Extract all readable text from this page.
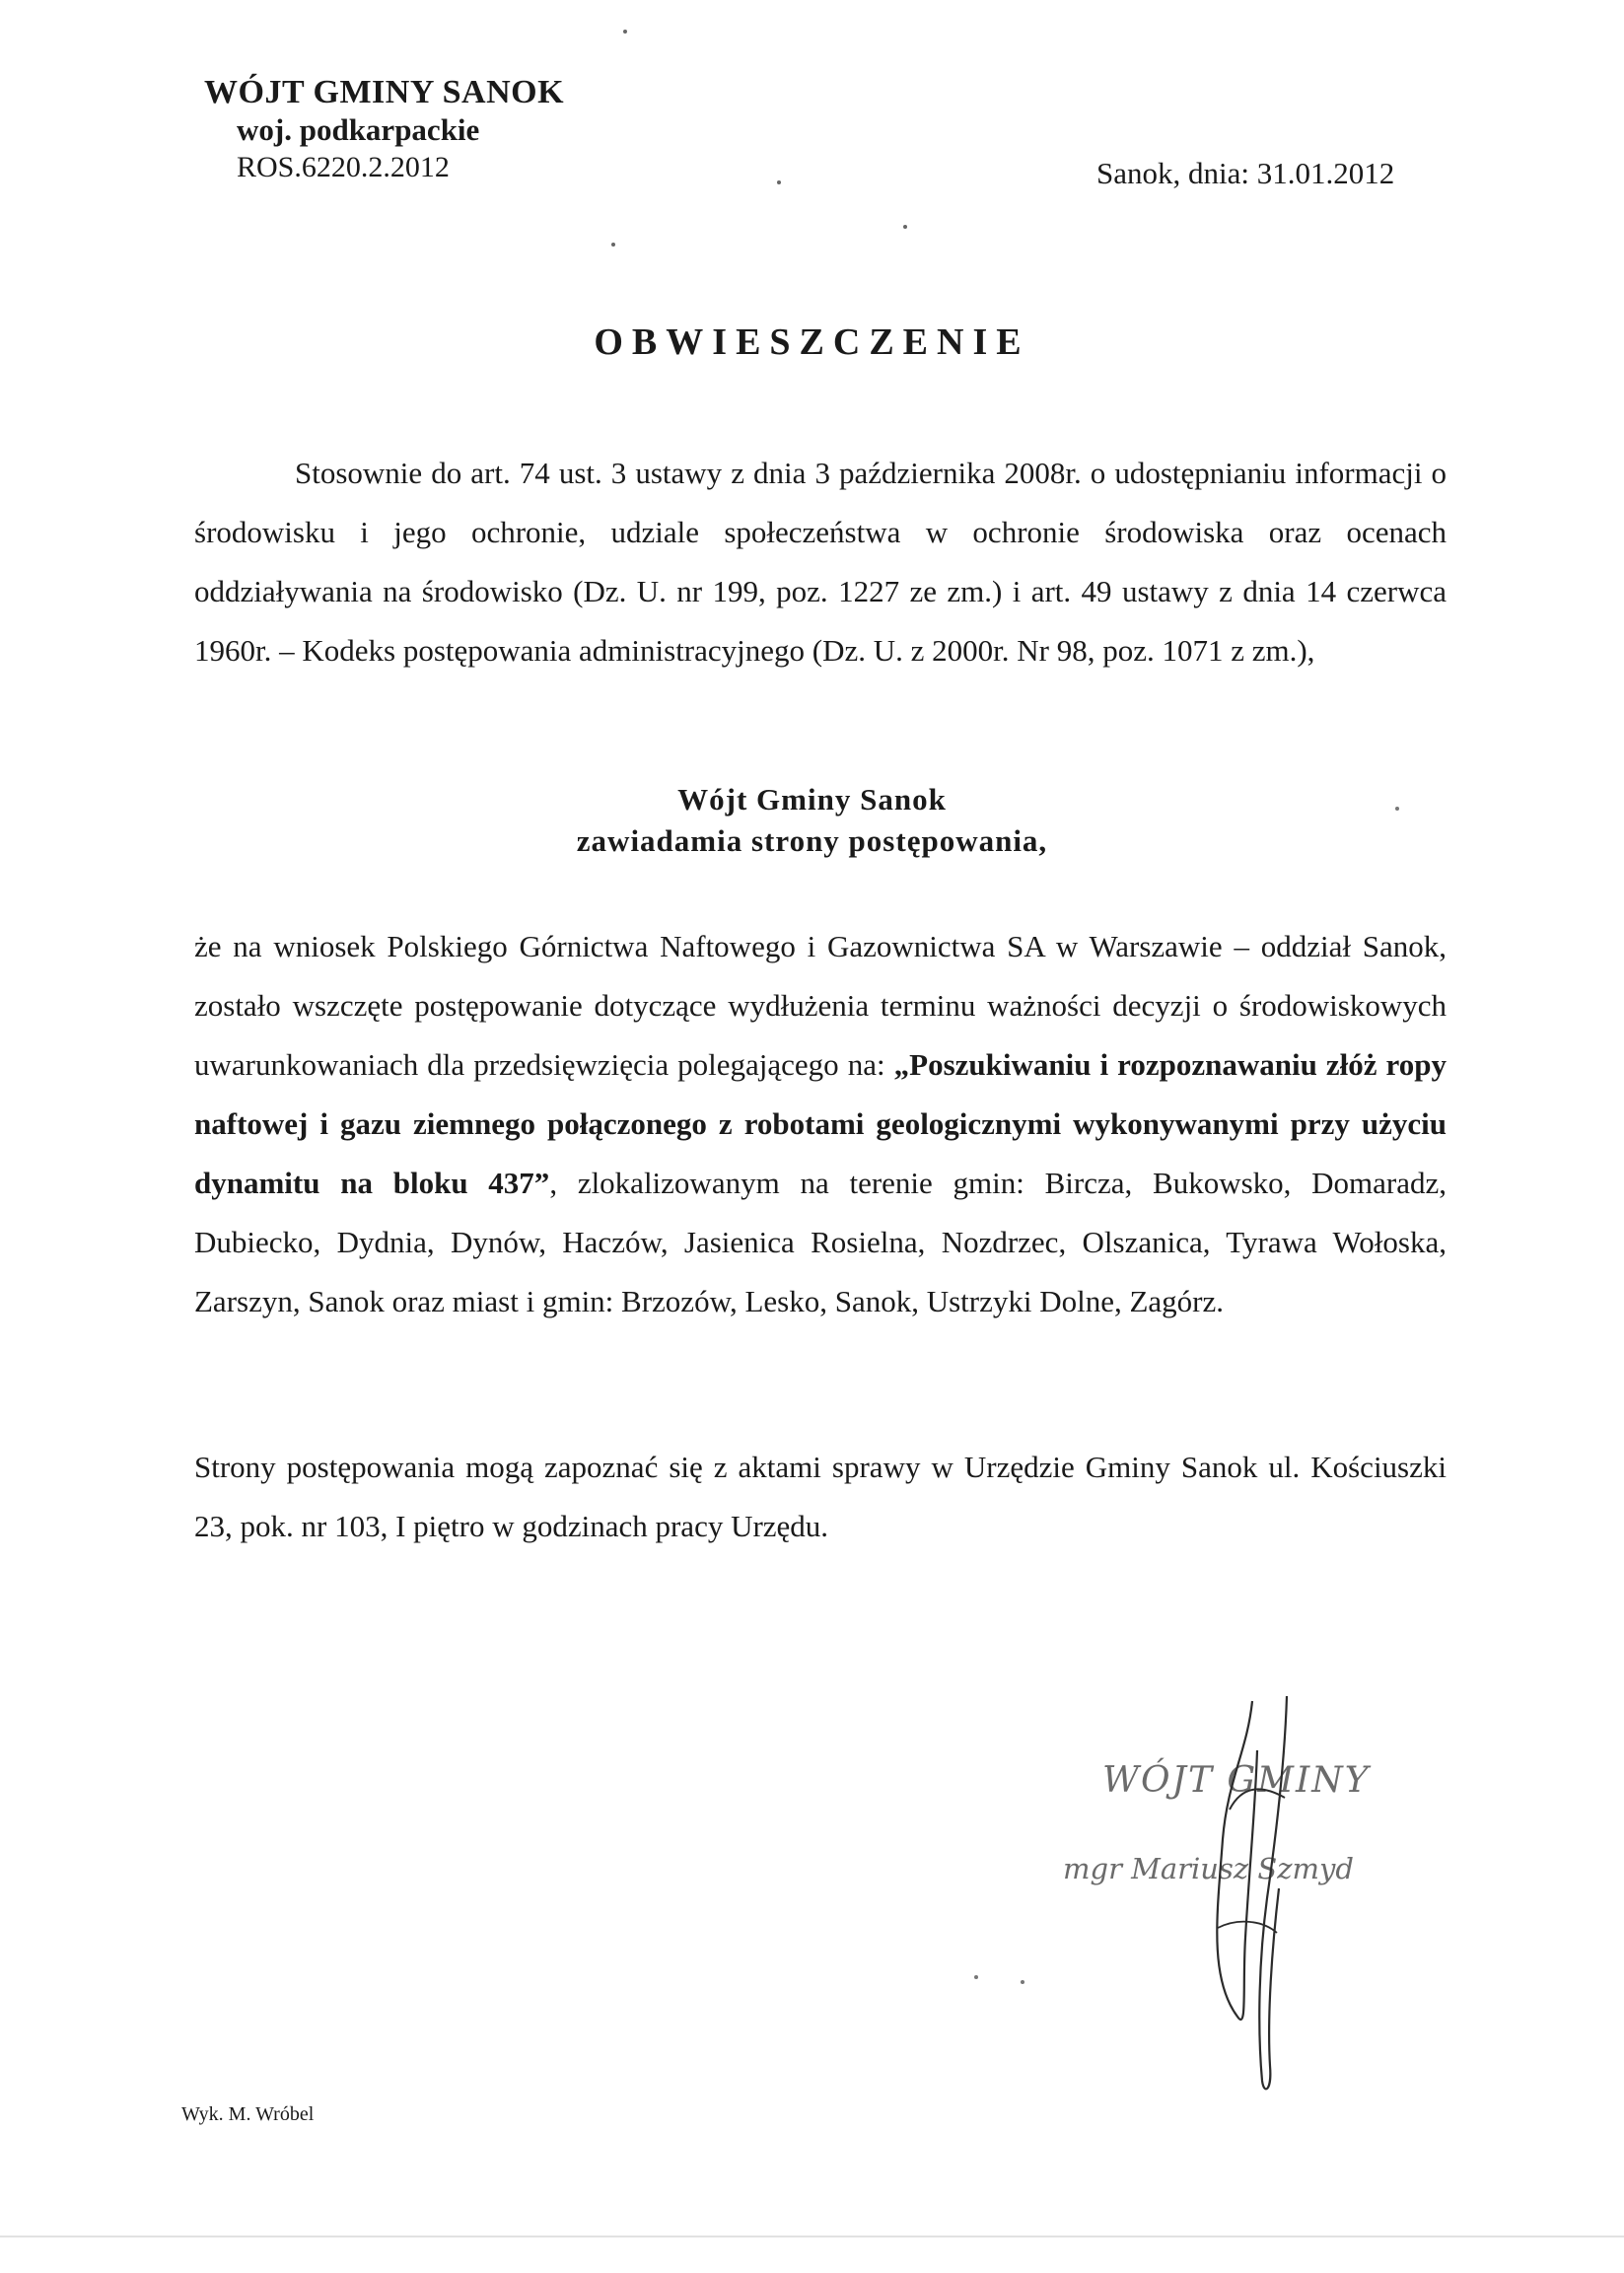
WÓJT GMINY SANOK
woj. podkarpackie
ROS.6220.2.2012	Sanok, dnia: 31.01.2012
OBWIESZCZENIE

Stosownie do art. 74 ust. 3 ustawy z dnia 3 października 2008r. o udostępnianiu informacji o środowisku i jego ochronie, udziale społeczeństwa w ochronie środowiska oraz ocenach oddziaływania na środowisko (Dz. U. nr 199, poz. 1227 ze zm.) i art. 49 ustawy z dnia 14 czerwca 1960r. – Kodeks postępowania administracyjnego (Dz. U. z 2000r. Nr 98, poz. 1071 z zm.),

Wójt Gminy Sanok
zawiadamia strony postępowania,

że na wniosek Polskiego Górnictwa Naftowego i Gazownictwa SA w Warszawie – oddział Sanok, zostało wszczęte postępowanie dotyczące wydłużenia terminu ważności decyzji o środowiskowych uwarunkowaniach dla przedsięwzięcia polegającego na: „Poszukiwaniu i rozpoznawaniu złóż ropy naftowej i gazu ziemnego połączonego z robotami geologicznymi wykonywanymi przy użyciu dynamitu na bloku 437”, zlokalizowanym na terenie gmin: Bircza, Bukowsko, Domaradz, Dubiecko, Dydnia, Dynów, Haczów, Jasienica Rosielna, Nozdrzec, Olszanica, Tyrawa Wołoska, Zarszyn, Sanok oraz miast i gmin: Brzozów, Lesko, Sanok, Ustrzyki Dolne, Zagórz.

Strony postępowania mogą zapoznać się z aktami sprawy w Urzędzie Gminy Sanok ul. Kościuszki 23, pok. nr 103, I piętro w godzinach pracy Urzędu.

WÓJT GMINY
mgr Mariusz Szmyd
Wyk. M. Wróbel
